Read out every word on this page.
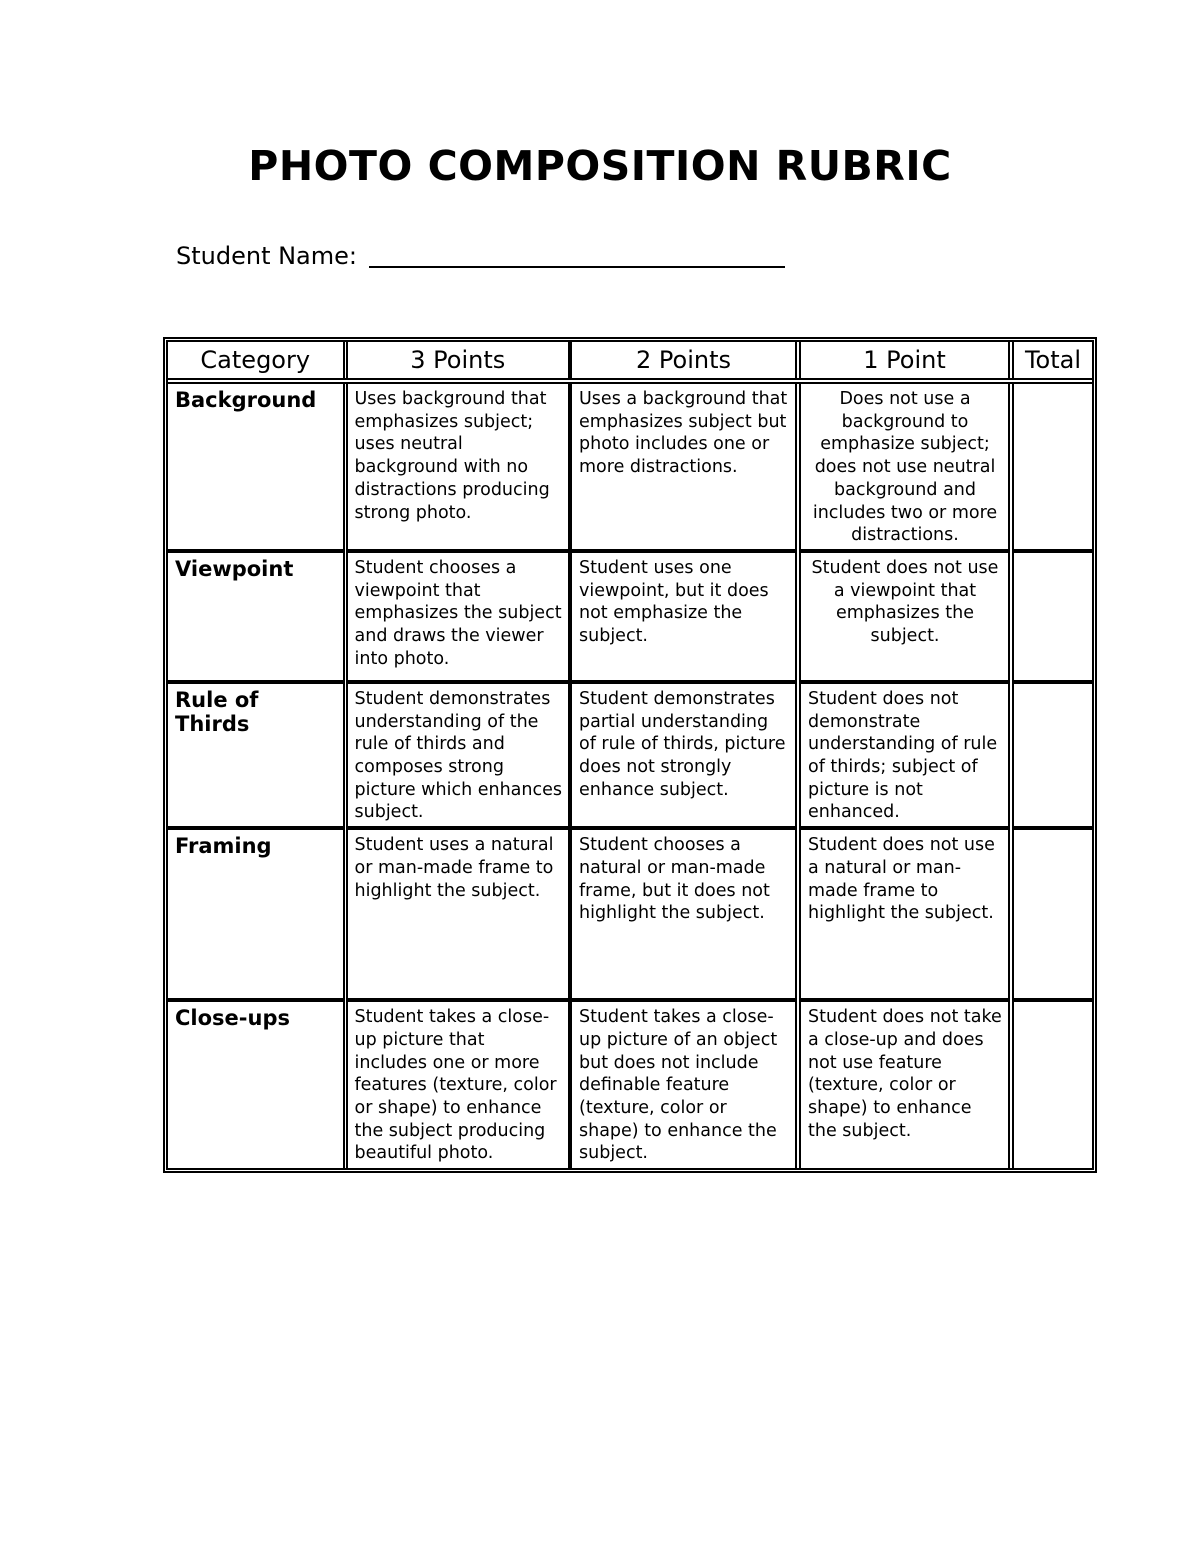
PHOTO COMPOSITION RUBRIC
Student Name:
Category	3 Points	2 Points	1 Point	Total
Background	Uses background that emphasizes subject; uses neutral background with no distractions producing strong photo.	Uses a background that emphasizes subject but photo includes one or more distractions.	Does not use a background to emphasize subject; does not use neutral background and includes two or more distractions.	
Viewpoint	Student chooses a viewpoint that emphasizes the subject and draws the viewer into photo.	Student uses one viewpoint, but it does not emphasize the subject.	Student does not use a viewpoint that emphasizes the subject.	
Rule of Thirds	Student demonstrates understanding of the rule of thirds and composes strong picture which enhances subject.	Student demonstrates partial understanding of rule of thirds, picture does not strongly enhance subject.	Student does not demonstrate understanding of rule of thirds; subject of picture is not enhanced.	
Framing	Student uses a natural or man-made frame to highlight the subject.	Student chooses a natural or man-made frame, but it does not highlight the subject.	Student does not use a natural or man-made frame to highlight the subject.	
Close-ups	Student takes a close-up picture that includes one or more features (texture, color or shape) to enhance the subject producing beautiful photo.	Student takes a close-up picture of an object but does not include definable feature (texture, color or shape) to enhance the subject.	Student does not take a close-up and does not use feature (texture, color or shape) to enhance the subject.	
